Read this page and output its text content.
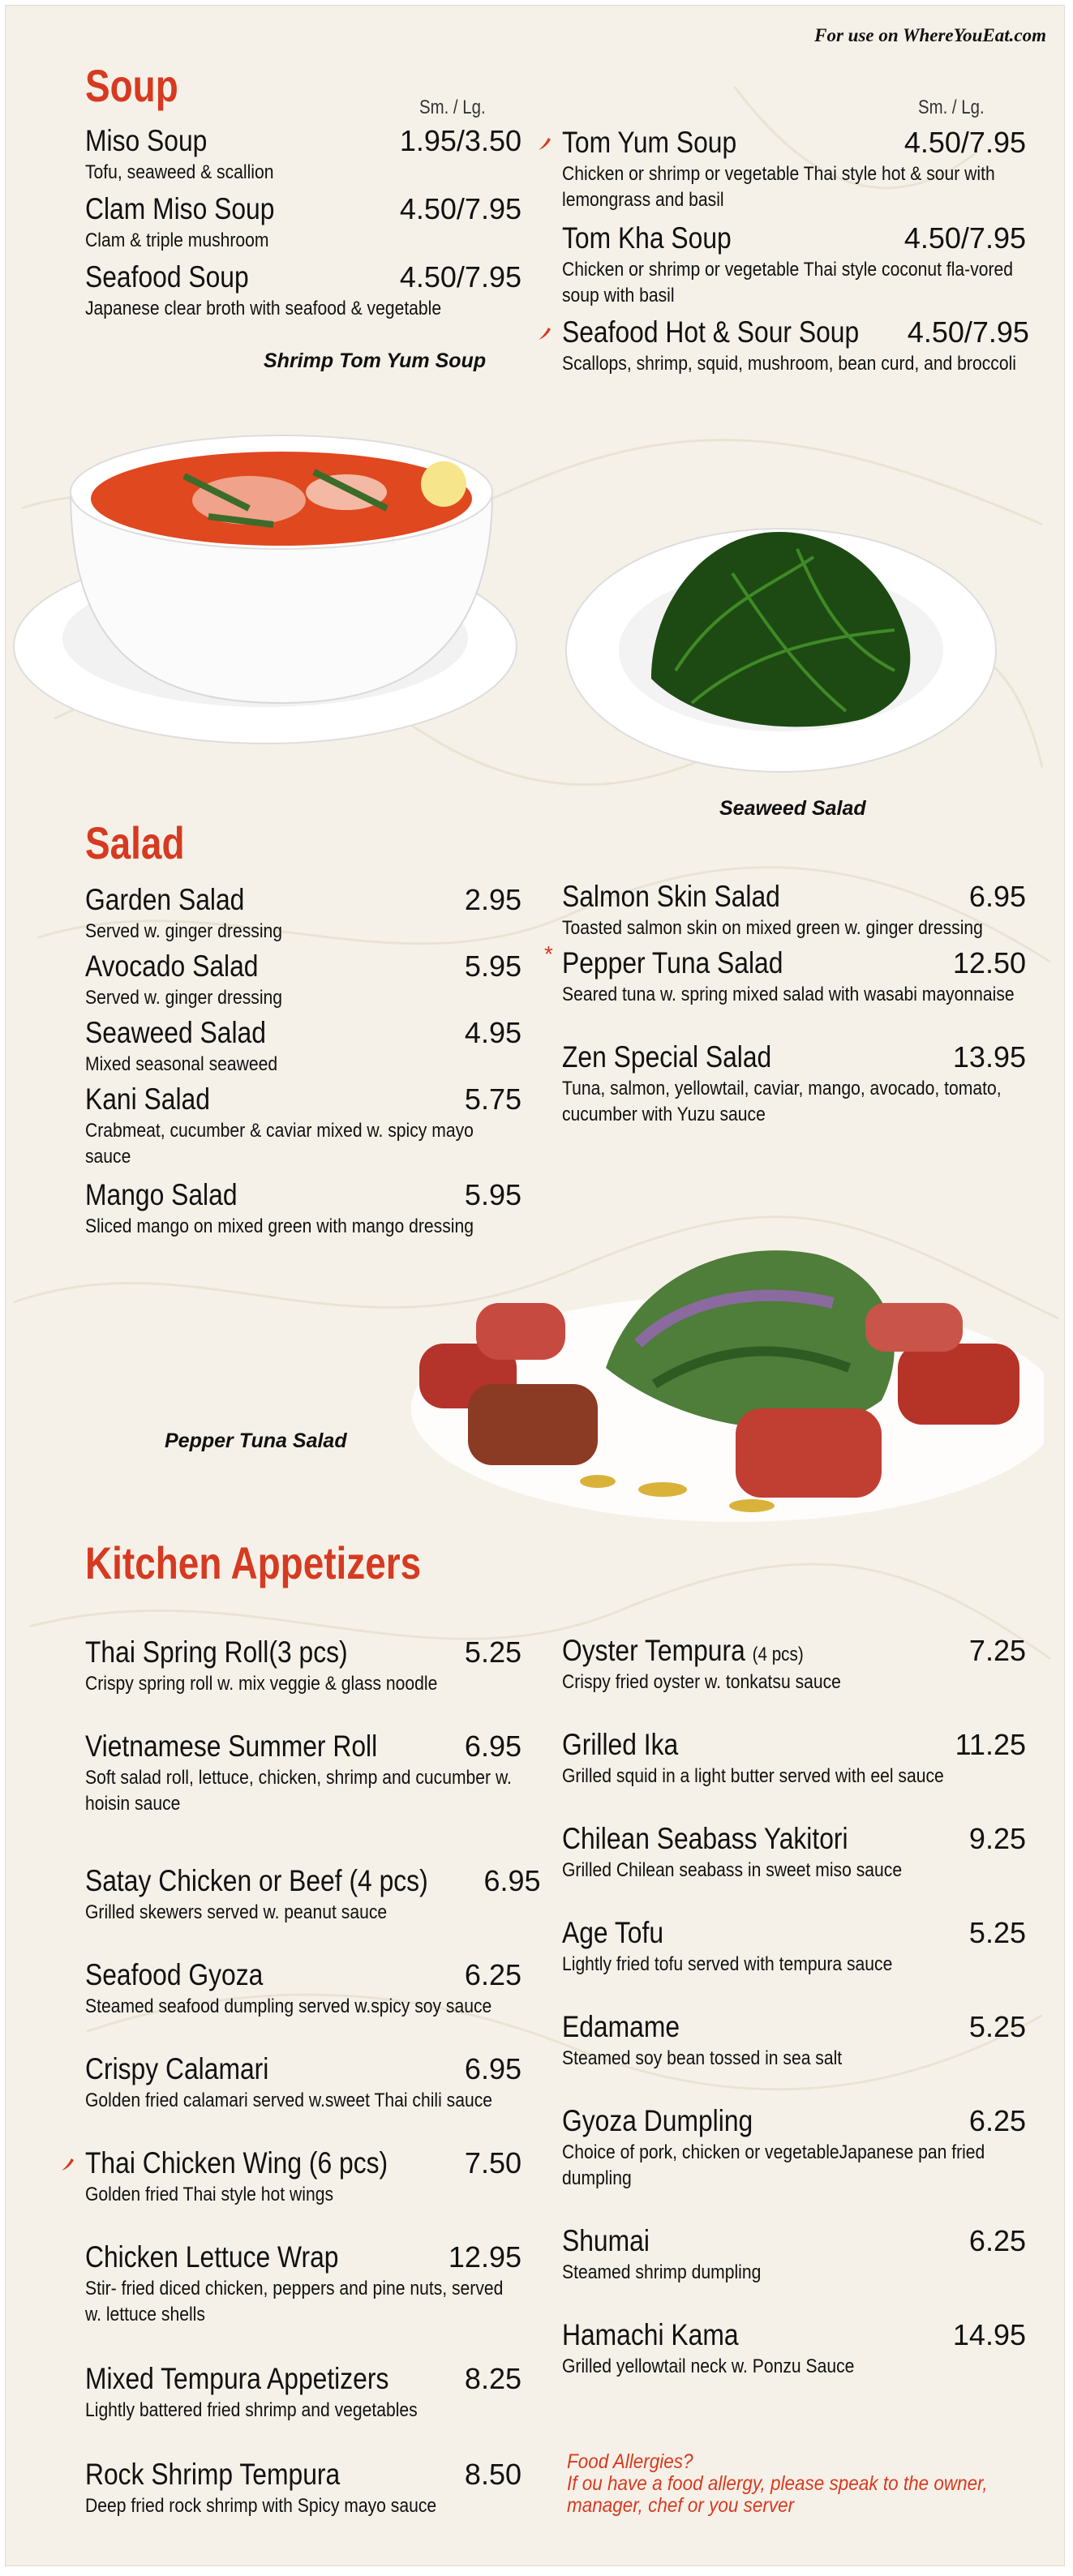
For use on WhereYouEat.com
Soup	Sm. / Lg.	Sm. / Lg.
Miso Soup	1.95/3.50
Tofu, seaweed & scallion
Clam Miso Soup	4.50/7.95
Clam & triple mushroom
Seafood Soup	4.50/7.95
Japanese clear broth with seafood & vegetable
Tom Yum Soup	4.50/7.95
Chicken or shrimp or vegetable Thai style hot & sour with lemongrass and basil
Tom Kha Soup	4.50/7.95
Chicken or shrimp or vegetable Thai style coconut fla-vored soup with basil
Seafood Hot & Sour Soup 4.50/7.95
Scallops, shrimp, squid, mushroom, bean curd, and broccoli
Shrimp Tom Yum Soup
Seaweed Salad
Salad
Garden Salad	2.95
Served w. ginger dressing
Avocado Salad	5.95
Served w. ginger dressing
Seaweed Salad	4.95
Mixed seasonal seaweed
Kani Salad	5.75
Crabmeat, cucumber & caviar mixed w. spicy mayo sauce
Mango Salad	5.95
Sliced mango on mixed green with mango dressing
Salmon Skin Salad	6.95
Toasted salmon skin on mixed green w. ginger dressing
* Pepper Tuna Salad	12.50
Seared tuna w. spring mixed salad with wasabi mayonnaise
Zen Special Salad	13.95
Tuna, salmon, yellowtail, caviar, mango, avocado, tomato, cucumber with Yuzu sauce
Pepper Tuna Salad
Kitchen Appetizers
Thai Spring Roll(3 pcs)	5.25
Crispy spring roll w. mix veggie & glass noodle
Vietnamese Summer Roll	6.95
Soft salad roll, lettuce, chicken, shrimp and cucumber w. hoisin sauce
Satay Chicken or Beef (4 pcs) 6.95
Grilled skewers served w. peanut sauce
Seafood Gyoza	6.25
Steamed seafood dumpling served w.spicy soy sauce
Crispy Calamari	6.95
Golden fried calamari served w.sweet Thai chili sauce
Thai Chicken Wing (6 pcs)	7.50
Golden fried Thai style hot wings
Chicken Lettuce Wrap	12.95
Stir- fried diced chicken, peppers and pine nuts, served w. lettuce shells
Mixed Tempura Appetizers	8.25
Lightly battered fried shrimp and vegetables
Rock Shrimp Tempura	8.50
Deep fried rock shrimp with Spicy mayo sauce
Oyster Tempura (4 pcs)	7.25
Crispy fried oyster w. tonkatsu sauce
Grilled Ika	11.25
Grilled squid in a light butter served with eel sauce
Chilean Seabass Yakitori	9.25
Grilled Chilean seabass in sweet miso sauce
Age Tofu	5.25
Lightly fried tofu served with tempura sauce
Edamame	5.25
Steamed soy bean tossed in sea salt
Gyoza Dumpling	6.25
Choice of pork, chicken or vegetableJapanese pan fried dumpling
Shumai	6.25
Steamed shrimp dumpling
Hamachi Kama	14.95
Grilled yellowtail neck w. Ponzu Sauce
Food Allergies?
If ou have a food allergy, please speak to the owner, manager, chef or you server
